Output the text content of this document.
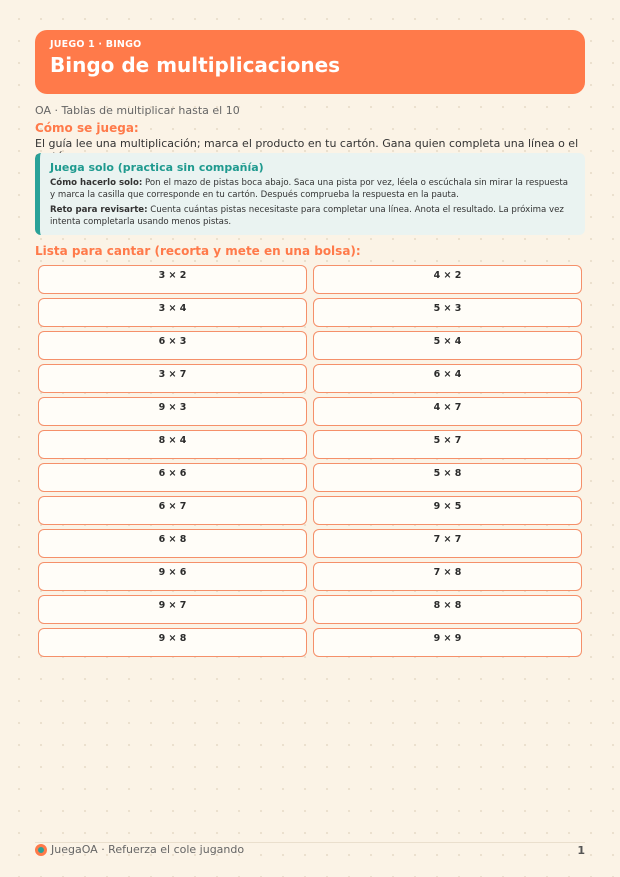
JUEGO 1 · BINGO
Bingo de multiplicaciones
OA · Tablas de multiplicar hasta el 10
Cómo se juega:
El guía lee una multiplicación; marca el producto en tu cartón. Gana quien completa una línea o el
Juega solo (practica sin compañía)

Cómo hacerlo solo: Pon el mazo de pistas boca abajo. Saca una pista por vez, léela o escúchala sin mirar la respuesta y marca la casilla que corresponde en tu cartón. Después comprueba la respuesta en la pauta.

Reto para revisarte: Cuenta cuántas pistas necesitaste para completar una línea. Anota el resultado. La próxima vez intenta completarla usando menos pistas.

Lista para cantar (recorta y mete en una bolsa):
3 × 2	4 × 2
3 × 4	5 × 3
6 × 3	5 × 4
3 × 7	6 × 4
9 × 3	4 × 7
8 × 4	5 × 7
6 × 6	5 × 8
6 × 7	9 × 5
6 × 8	7 × 7
9 × 6	7 × 8
9 × 7	8 × 8
9 × 8	9 × 9
JuegaOA · Refuerza el cole jugando	1
